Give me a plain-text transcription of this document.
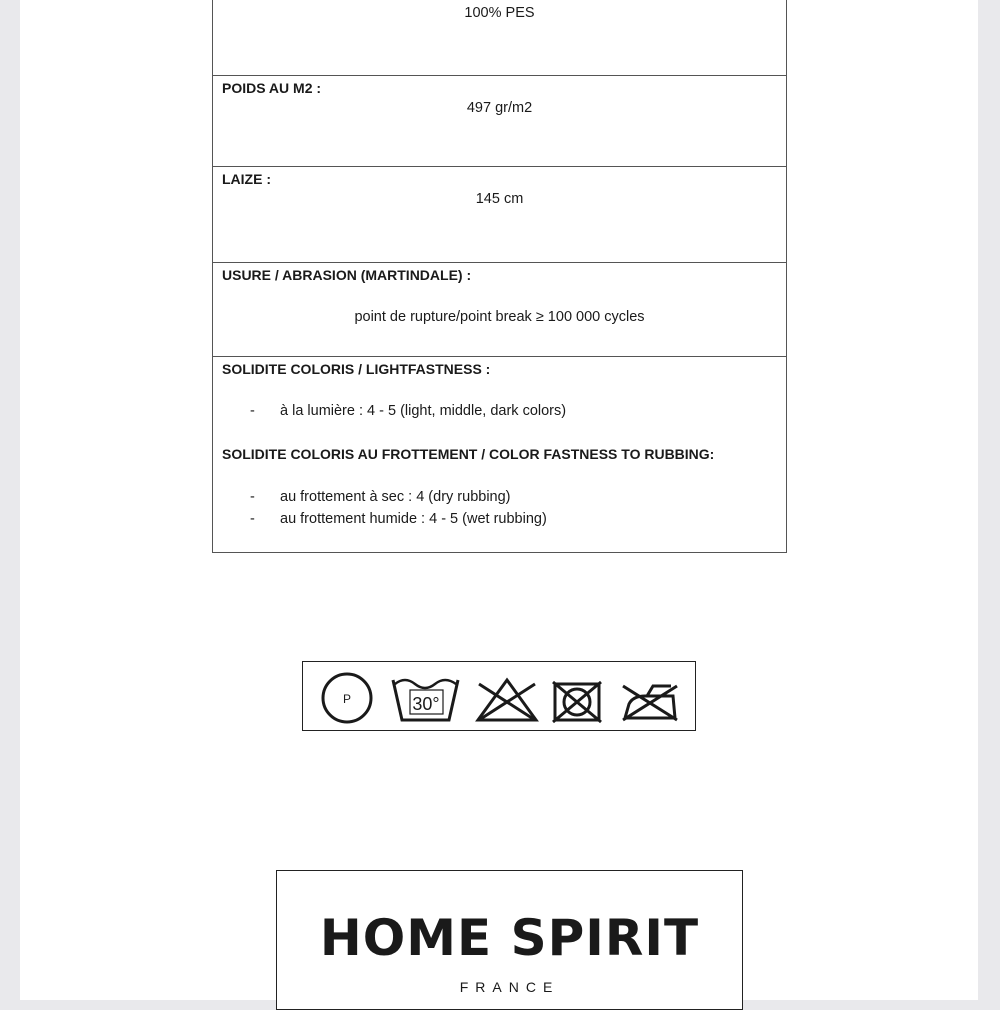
100% PES

POIDS AU M2 :
497 gr/m2

LAIZE :
145 cm

USURE / ABRASION (MARTINDALE) :
point de rupture/point break ≥ 100 000 cycles

SOLIDITE COLORIS / LIGHTFASTNESS :
- à la lumière : 4 - 5 (light, middle, dark colors)
SOLIDITE COLORIS AU FROTTEMENT / COLOR FASTNESS TO RUBBING:
- au frottement à sec : 4 (dry rubbing)
- au frottement humide : 4 - 5 (wet rubbing)
P	30°
HOME SPIRIT
FRANCE
